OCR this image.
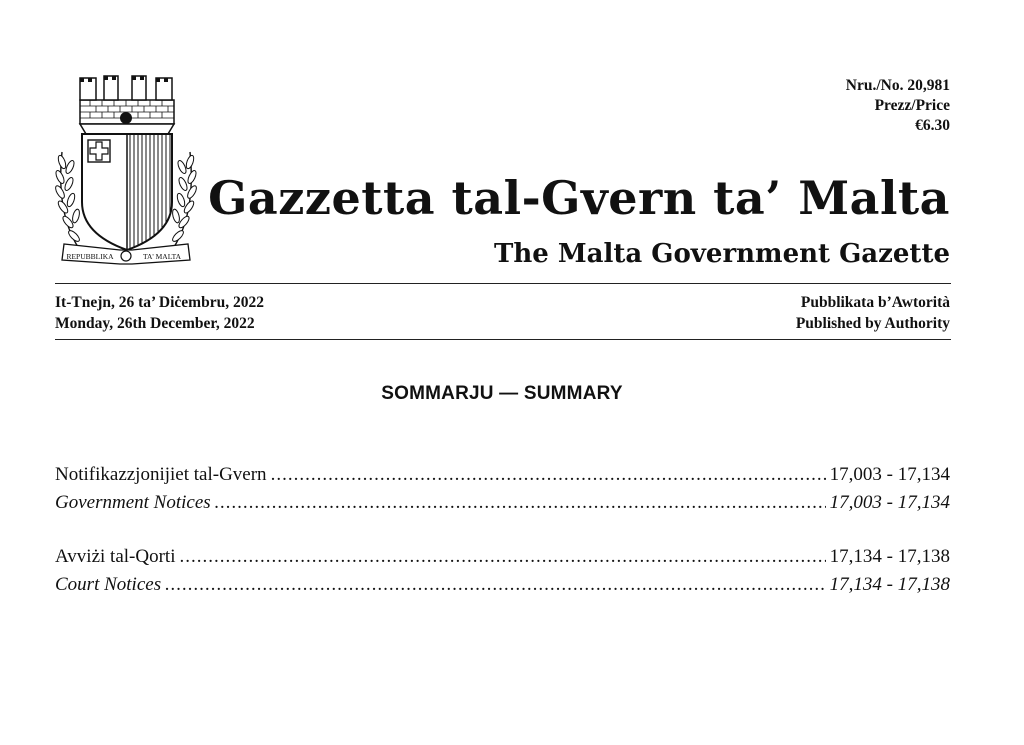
REPUBBLIKA	TA' MALTA
Nru./No. 20,981
Prezz/Price
€6.30
Gazzetta tal-Gvern ta’ Malta
The Malta Government Gazette
It-Tnejn, 26 ta’ Diċembru, 2022
Monday, 26th December, 2022
Pubblikata b’Awtorità
Published by Authority
SOMMARJU — SUMMARY
Notifikazzjonijiet tal-Gvern .....	17,003 - 17,134
Government Notices .....	17,003 - 17,134
Avviżi tal-Qorti .....	17,134 - 17,138
Court Notices .....	17,134 - 17,138
